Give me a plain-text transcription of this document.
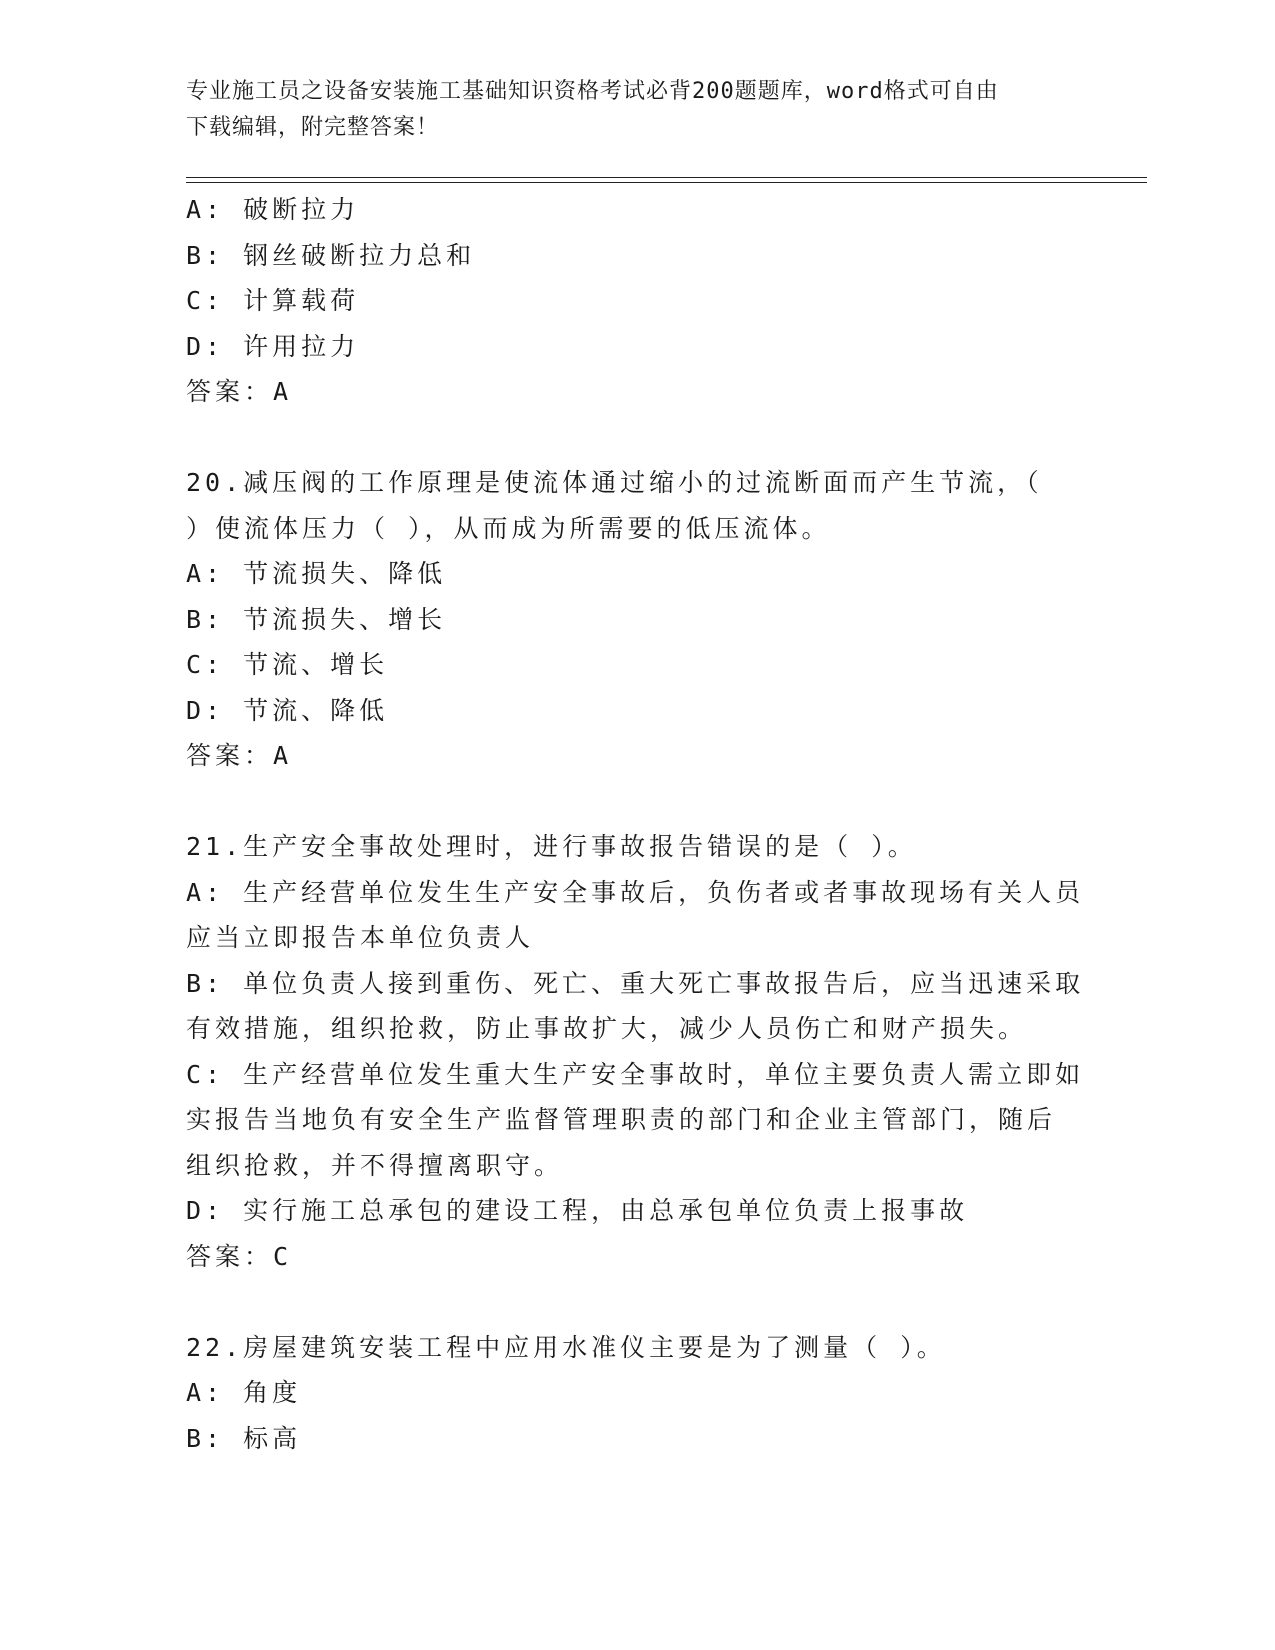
专业施工员之设备安装施工基础知识资格考试必背200题题库，word格式可自由
下载编辑，附完整答案！
A: 破断拉力
B: 钢丝破断拉力总和
C: 计算载荷
D: 许用拉力
答案：A
20.减压阀的工作原理是使流体通过缩小的过流断面而产生节流，（
）使流体压力（ ），从而成为所需要的低压流体。
A: 节流损失、降低
B: 节流损失、增长
C: 节流、增长
D: 节流、降低
答案：A
21.生产安全事故处理时，进行事故报告错误的是（ ）。
A: 生产经营单位发生生产安全事故后，负伤者或者事故现场有关人员
应当立即报告本单位负责人
B: 单位负责人接到重伤、死亡、重大死亡事故报告后，应当迅速采取
有效措施，组织抢救，防止事故扩大，减少人员伤亡和财产损失。
C: 生产经营单位发生重大生产安全事故时，单位主要负责人需立即如
实报告当地负有安全生产监督管理职责的部门和企业主管部门，随后
组织抢救，并不得擅离职守。
D: 实行施工总承包的建设工程，由总承包单位负责上报事故
答案：C
22.房屋建筑安装工程中应用水准仪主要是为了测量（ ）。
A: 角度
B: 标高
